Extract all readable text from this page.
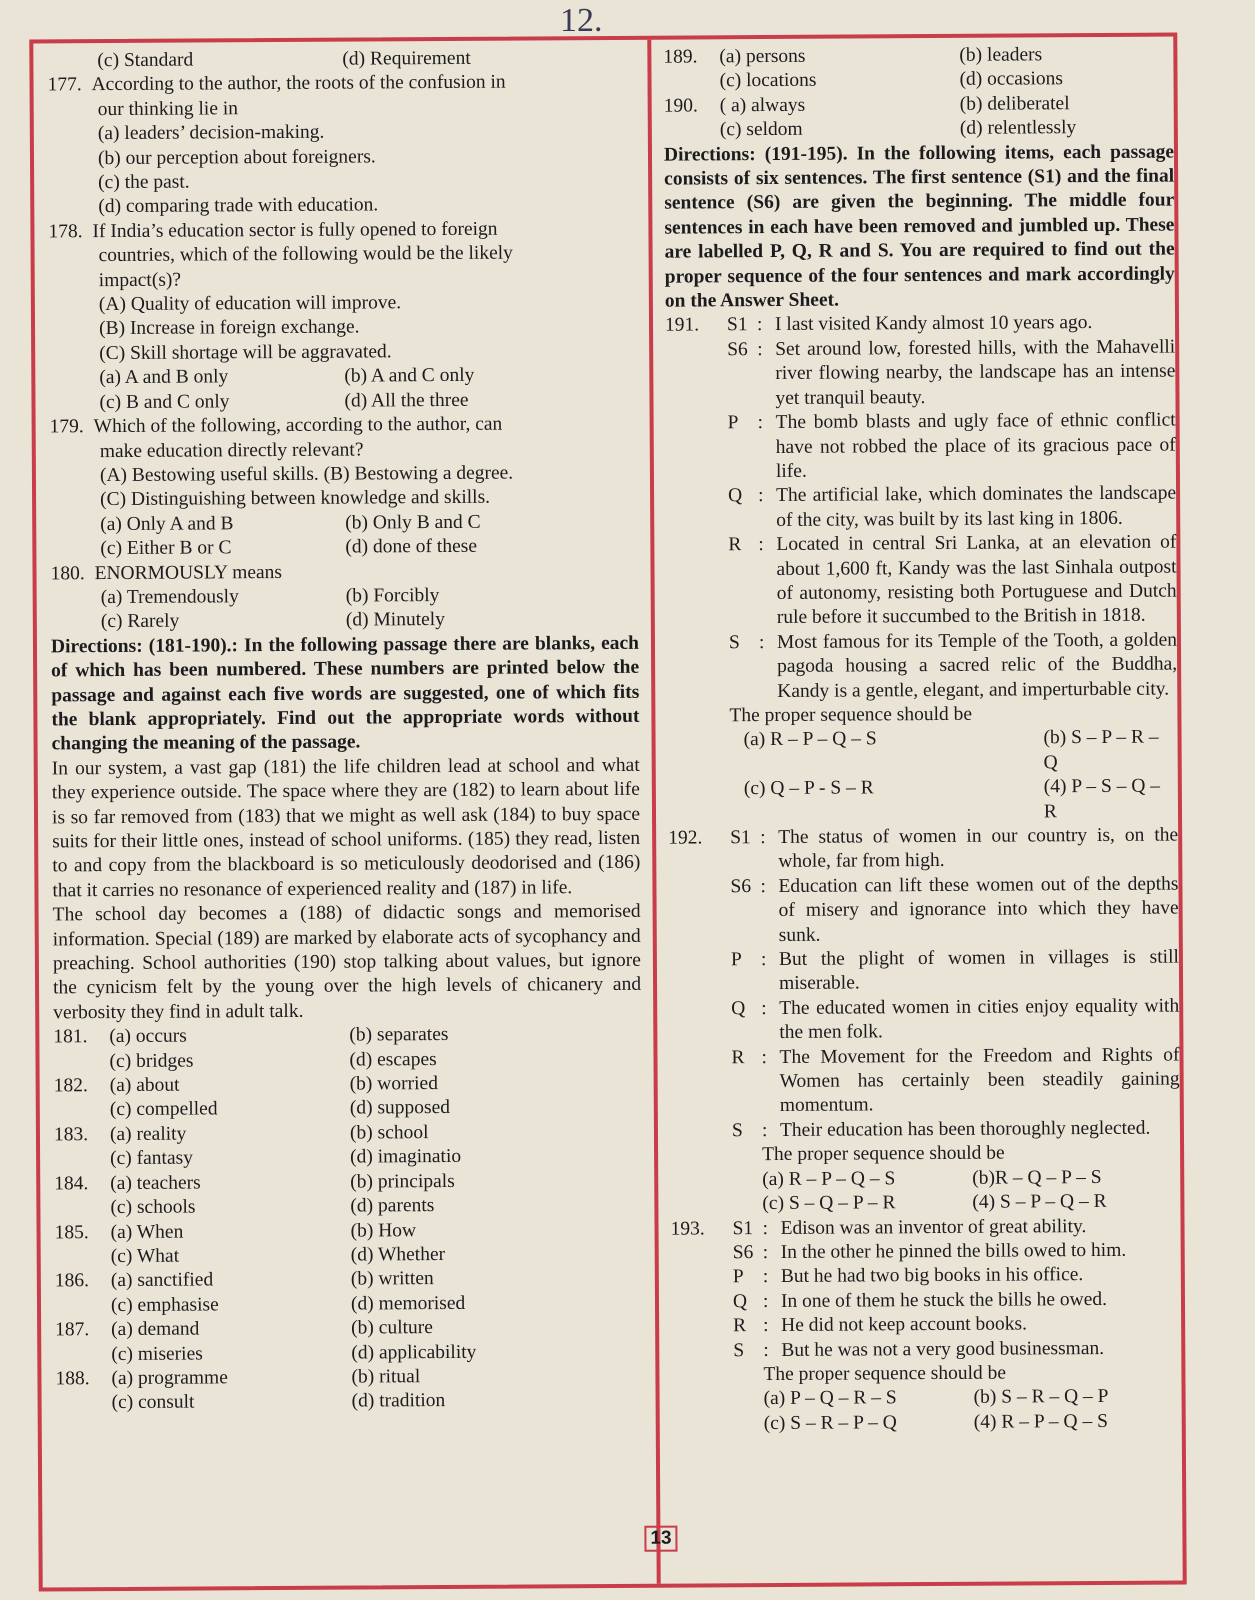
12.
(c) Standard	(d) Requirement
177. According to the author, the roots of the confusion in
our thinking lie in
(a) leaders’ decision-making.
(b) our perception about foreigners.
(c) the past.
(d) comparing trade with education.
178. If India’s education sector is fully opened to foreign
countries, which of the following would be the likely
impact(s)?
(A) Quality of education will improve.
(B) Increase in foreign exchange.
(C) Skill shortage will be aggravated.
(a) A and B only	(b) A and C only
(c) B and C only	(d) All the three
179. Which of the following, according to the author, can
make education directly relevant?
(A) Bestowing useful skills. (B) Bestowing a degree.
(C) Distinguishing between knowledge and skills.
(a) Only A and B	(b) Only B and C
(c) Either B or C	(d) done of these
180. ENORMOUSLY means
(a) Tremendously	(b) Forcibly
(c) Rarely	(d) Minutely
Directions: (181-190).: In the following passage there are blanks, each of which has been numbered. These numbers are printed below the passage and against each five words are suggested, one of which fits the blank appropriately. Find out the appropriate words without changing the meaning of the passage.
In our system, a vast gap (181) the life children lead at school and what they experience outside. The space where they are (182) to learn about life is so far removed from (183) that we might as well ask (184) to buy space suits for their little ones, instead of school uniforms. (185) they read, listen to and copy from the blackboard is so meticulously deodorised and (186) that it carries no resonance of experienced reality and (187) in life.
The school day becomes a (188) of didactic songs and memorised information. Special (189) are marked by elaborate acts of sycophancy and preaching. School authorities (190) stop talking about values, but ignore the cynicism felt by the young over the high levels of chicanery and verbosity they find in adult talk.
181.	(a) occurs	(b) separates
(c) bridges	(d) escapes
182.	(a) about	(b) worried
(c) compelled	(d) supposed
183.	(a) reality	(b) school
(c) fantasy	(d) imaginatio
184.	(a) teachers	(b) principals
(c) schools	(d) parents
185.	(a) When	(b) How
(c) What	(d) Whether
186.	(a) sanctified	(b) written
(c) emphasise	(d) memorised
187.	(a) demand	(b) culture
(c) miseries	(d) applicability
188.	(a) programme	(b) ritual
(c) consult	(d) tradition
189.	(a) persons	(b) leaders
(c) locations	(d) occasions
190.	( a) always	(b) deliberatel
(c) seldom	(d) relentlessly
Directions: (191-195). In the following items, each passage consists of six sentences. The first sentence (S1) and the final sentence (S6) are given the beginning. The middle four sentences in each have been removed and jumbled up. These are labelled P, Q, R and S. You are required to find out the proper sequence of the four sentences and mark accordingly on the Answer Sheet.
191.	S1 : I last visited Kandy almost 10 years ago.
S6 : Set around low, forested hills, with the Mahavelli river flowing nearby, the landscape has an intense yet tranquil beauty.
P : The bomb blasts and ugly face of ethnic conflict have not robbed the place of its gracious pace of life.
Q : The artificial lake, which dominates the landscape of the city, was built by its last king in 1806.
R : Located in central Sri Lanka, at an elevation of about 1,600 ft, Kandy was the last Sinhala outpost of autonomy, resisting both Portuguese and Dutch rule before it succumbed to the British in 1818.
S : Most famous for its Temple of the Tooth, a golden pagoda housing a sacred relic of the Buddha, Kandy is a gentle, elegant, and imperturbable city.
The proper sequence should be
(a) R – P – Q – S	(b) S – P – R – Q
(c) Q – P - S – R	(4) P – S – Q – R
192.	S1 : The status of women in our country is, on the whole, far from high.
S6 : Education can lift these women out of the depths of misery and ignorance into which they have sunk.
P : But the plight of women in villages is still miserable.
Q : The educated women in cities enjoy equality with the men folk.
R : The Movement for the Freedom and Rights of Women has certainly been steadily gaining momentum.
S : Their education has been thoroughly neglected.
The proper sequence should be
(a) R – P – Q – S	(b)R – Q – P – S
(c) S – Q – P – R	(4) S – P – Q – R
193.	S1 : Edison was an inventor of great ability.
S6 : In the other he pinned the bills owed to him.
P : But he had two big books in his office.
Q : In one of them he stuck the bills he owed.
R : He did not keep account books.
S : But he was not a very good businessman.
The proper sequence should be
(a) P – Q – R – S	(b) S – R – Q – P
(c) S – R – P – Q	(4) R – P – Q – S
13
